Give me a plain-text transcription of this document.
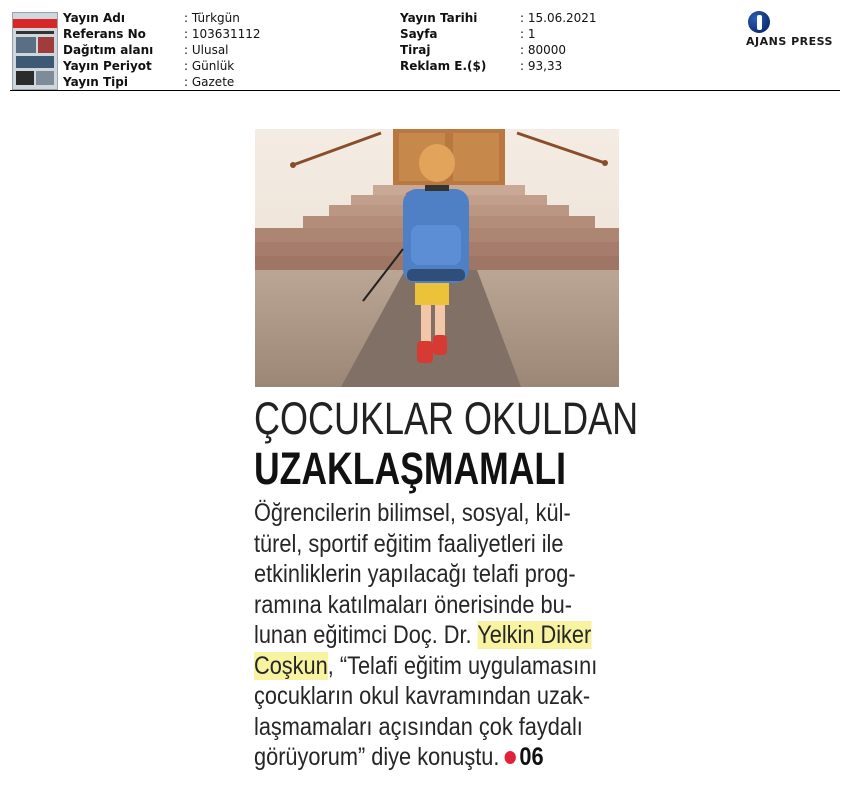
Yayın Adı	: Türkgün
Referans No	: 103631112
Dağıtım alanı	: Ulusal
Yayın Periyot	: Günlük
Yayın Tipi	: Gazete
Yayın Tarihi	: 15.06.2021
Sayfa	: 1
Tiraj	: 80000
Reklam E.($)	: 93,33
AJANS PRESS
ÇOCUKLAR OKULDAN
UZAKLAŞMAMALI
Öğrencilerin bilimsel, sosyal, kül-
türel, sportif eğitim faaliyetleri ile
etkinliklerin yapılacağı telafi prog-
ramına katılmaları önerisinde bu-
lunan eğitimci Doç. Dr. Yelkin Diker
Coşkun, “Telafi eğitim uygulamasını
çocukların okul kavramından uzak-
laşmamaları açısından çok faydalı
görüyorum” diye konuştu. 06
